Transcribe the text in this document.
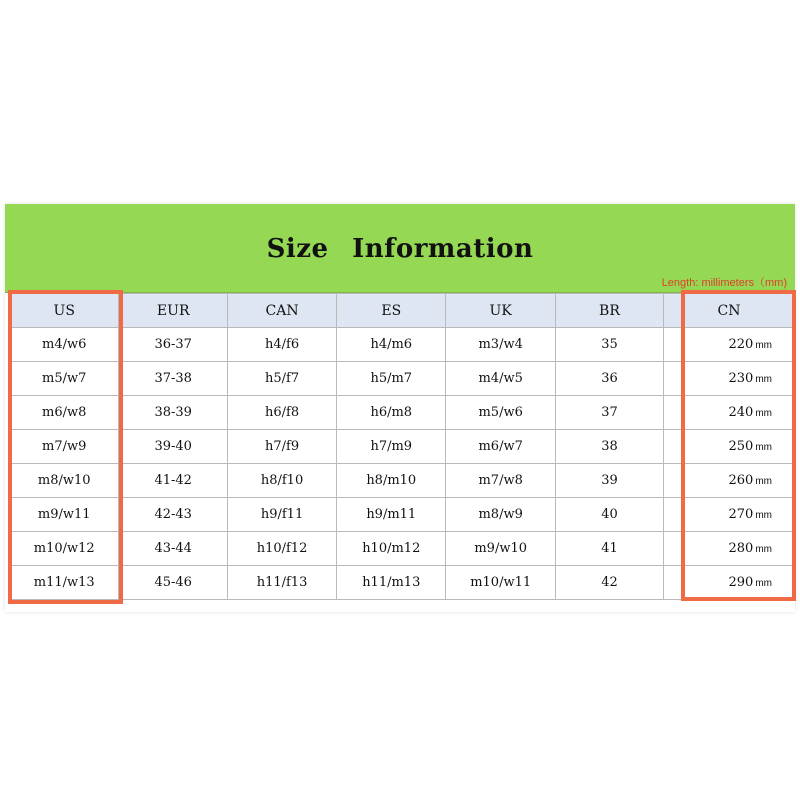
Size Information
Length: millimeters（mm)
US	EUR	CAN	ES	UK	BR	CN
m4/w6	36-37	h4/f6	h4/m6	m3/w4	35	220 mm
m5/w7	37-38	h5/f7	h5/m7	m4/w5	36	230 mm
m6/w8	38-39	h6/f8	h6/m8	m5/w6	37	240 mm
m7/w9	39-40	h7/f9	h7/m9	m6/w7	38	250 mm
m8/w10	41-42	h8/f10	h8/m10	m7/w8	39	260 mm
m9/w11	42-43	h9/f11	h9/m11	m8/w9	40	270 mm
m10/w12	43-44	h10/f12	h10/m12	m9/w10	41	280 mm
m11/w13	45-46	h11/f13	h11/m13	m10/w11	42	290 mm
